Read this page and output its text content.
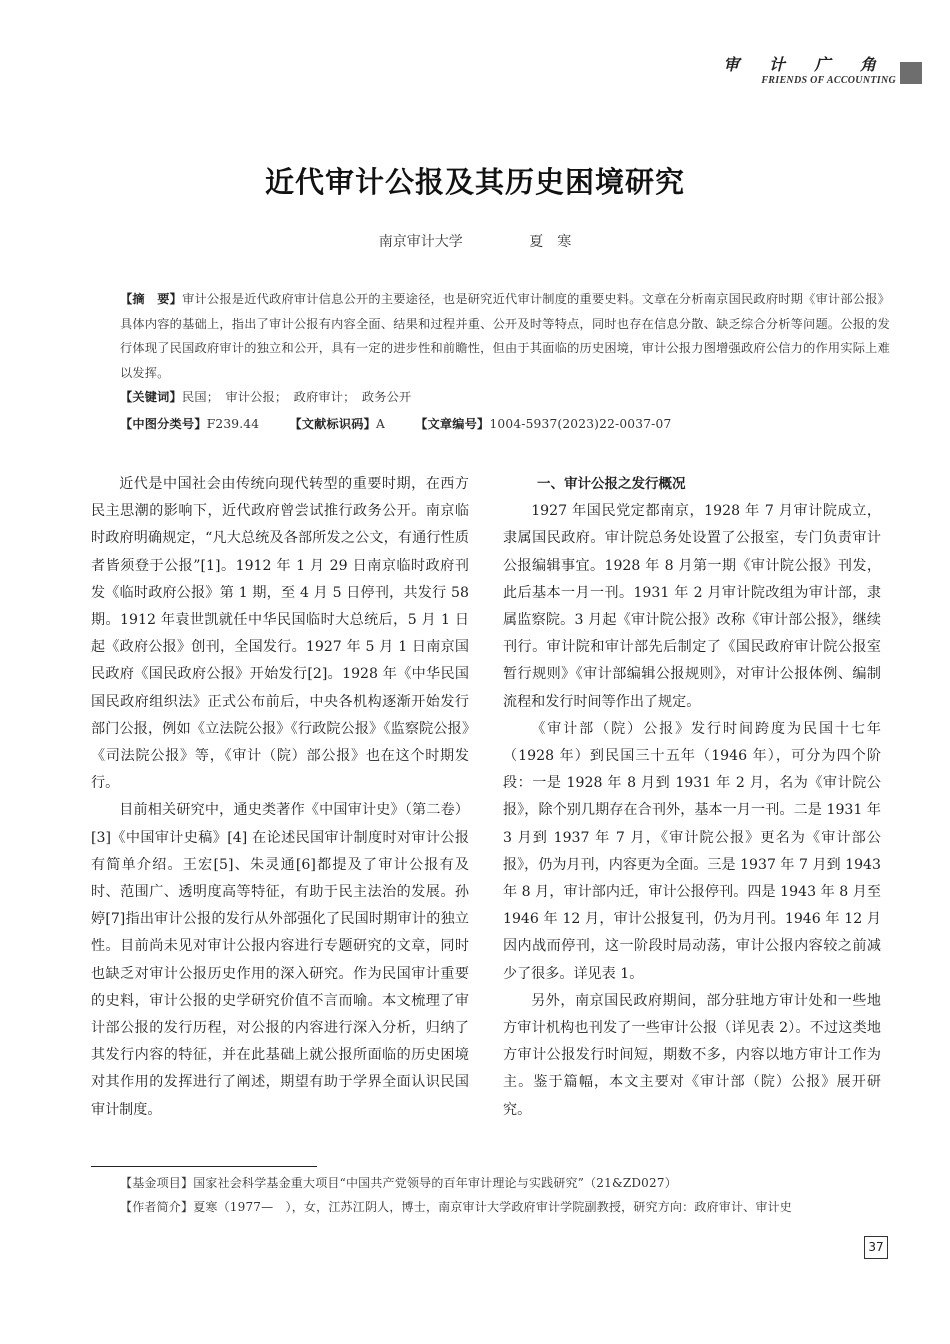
审 计 广 角
FRIENDS OF ACCOUNTING
近代审计公报及其历史困境研究
南京审计大学	夏　寒
【摘　要】审计公报是近代政府审计信息公开的主要途径，也是研究近代审计制度的重要史料。文章在分析南京国民政府时期《审计部公报》具体内容的基础上，指出了审计公报有内容全面、结果和过程并重、公开及时等特点，同时也存在信息分散、缺乏综合分析等问题。公报的发行体现了民国政府审计的独立和公开，具有一定的进步性和前瞻性，但由于其面临的历史困境，审计公报力图增强政府公信力的作用实际上难以发挥。
【关键词】民国；　审计公报；　政府审计；　政务公开
【中图分类号】F239.44 【文献标识码】A 【文章编号】1004-5937(2023)22-0037-07

近代是中国社会由传统向现代转型的重要时期，在西方民主思潮的影响下，近代政府曾尝试推行政务公开。南京临时政府明确规定，“凡大总统及各部所发之公文，有通行性质者皆须登于公报”[1]。1912 年 1 月 29 日南京临时政府刊发《临时政府公报》第 1 期，至 4 月 5 日停刊，共发行 58 期。1912 年袁世凯就任中华民国临时大总统后，5 月 1 日起《政府公报》创刊，全国发行。1927 年 5 月 1 日南京国民政府《国民政府公报》开始发行[2]。1928 年《中华民国国民政府组织法》正式公布前后，中央各机构逐渐开始发行部门公报，例如《立法院公报》《行政院公报》《监察院公报》《司法院公报》等，《审计（院）部公报》也在这个时期发行。

目前相关研究中，通史类著作《中国审计史》（第二卷）[3]《中国审计史稿》[4] 在论述民国审计制度时对审计公报有简单介绍。王宏[5]、朱灵通[6]都提及了审计公报有及时、范围广、透明度高等特征，有助于民主法治的发展。孙婷[7]指出审计公报的发行从外部强化了民国时期审计的独立性。目前尚未见对审计公报内容进行专题研究的文章，同时也缺乏对审计公报历史作用的深入研究。作为民国审计重要的史料，审计公报的史学研究价值不言而喻。本文梳理了审计部公报的发行历程，对公报的内容进行深入分析，归纳了其发行内容的特征，并在此基础上就公报所面临的历史困境对其作用的发挥进行了阐述，期望有助于学界全面认识民国审计制度。

一、审计公报之发行概况

1927 年国民党定都南京，1928 年 7 月审计院成立，隶属国民政府。审计院总务处设置了公报室，专门负责审计公报编辑事宜。1928 年 8 月第一期《审计院公报》刊发，此后基本一月一刊。1931 年 2 月审计院改组为审计部，隶属监察院。3 月起《审计院公报》改称《审计部公报》，继续刊行。审计院和审计部先后制定了《国民政府审计院公报室暂行规则》《审计部编辑公报规则》，对审计公报体例、编制流程和发行时间等作出了规定。

《审计部（院）公报》发行时间跨度为民国十七年（1928 年）到民国三十五年（1946 年），可分为四个阶段：一是 1928 年 8 月到 1931 年 2 月，名为《审计院公报》，除个别几期存在合刊外，基本一月一刊。二是 1931 年 3 月到 1937 年 7 月，《审计院公报》更名为《审计部公报》，仍为月刊，内容更为全面。三是 1937 年 7 月到 1943 年 8 月，审计部内迁，审计公报停刊。四是 1943 年 8 月至 1946 年 12 月，审计公报复刊，仍为月刊。1946 年 12 月因内战而停刊，这一阶段时局动荡，审计公报内容较之前减少了很多。详见表 1。

另外，南京国民政府期间，部分驻地方审计处和一些地方审计机构也刊发了一些审计公报（详见表 2）。不过这类地方审计公报发行时间短，期数不多，内容以地方审计工作为主。鉴于篇幅，本文主要对《审计部（院）公报》展开研究。

【基金项目】国家社会科学基金重大项目“中国共产党领导的百年审计理论与实践研究”（21&ZD027）
【作者简介】夏寒（1977—　），女，江苏江阴人，博士，南京审计大学政府审计学院副教授，研究方向：政府审计、审计史
37
